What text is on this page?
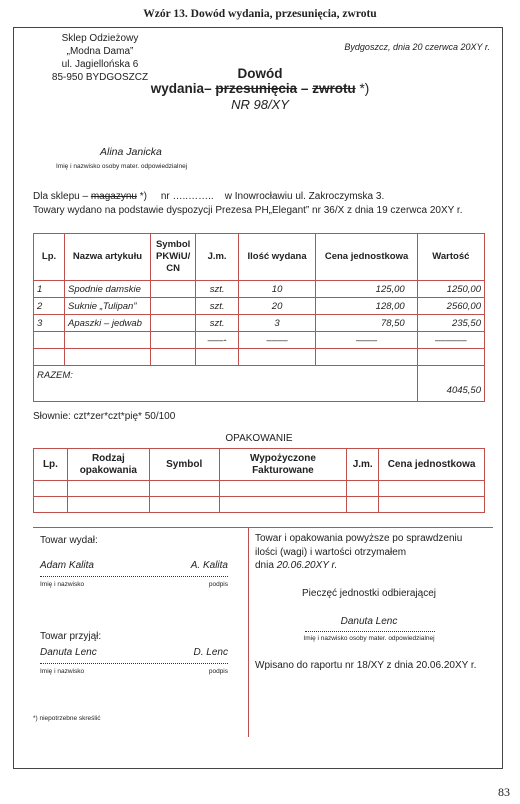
Wzór 13. Dowód wydania, przesunięcia, zwrotu
Sklep Odzieżowy
„Modna Dama”
ul. Jagiellońska 6
85-950 BYDGOSZCZ
Bydgoszcz, dnia 20 czerwca 20XY r.
Dowód
wydania– przesunięcia – zwrotu *)
NR 98/XY
Alina Janicka
Imię i nazwisko osoby mater. odpowiedzialnej
Dla sklepu – magazynu *)     nr …..……..    w Inowrocławiu ul. Zakroczymska 3.
Towary wydano na podstawie dyspozycji Prezesa PH„Elegant” nr 36/X z dnia 19 czerwca 20XY r.
Lp.	Nazwa artykułu	Symbol PKWiU/ CN	J.m.	Ilość wydana	Cena jednostkowa	Wartość
1	Spodnie damskie		szt.	10	125,00	1250,00
2	Suknie „Tulipan”		szt.	20	128,00	2560,00
3	Apaszki – jedwab		szt.	3	78,50	235,50
			–––-	––––	––––	––––––

RAZEM:						4045,50
Słownie: czt*zer*czt*pię* 50/100
OPAKOWANIE
Lp.	Rodzaj opakowania	Symbol	Wypożyczone Fakturowane	J.m.	Cena jednostkowa

Towar wydał:
Adam Kalita	A. Kalita
Imię i nazwisko	podpis
Towar przyjął:
Danuta Lenc	D. Lenc
Imię i nazwisko	podpis
*) niepotrzebne skreślić
Towar i opakowania powyższe po sprawdzeniu
ilości (wagi) i wartości otrzymałem
dnia 20.06.20XY r.
Pieczęć jednostki odbierającej
Danuta Lenc
Imię i nazwisko osoby mater. odpowiedzialnej
Wpisano do raportu nr 18/XY z dnia 20.06.20XY r.
83
